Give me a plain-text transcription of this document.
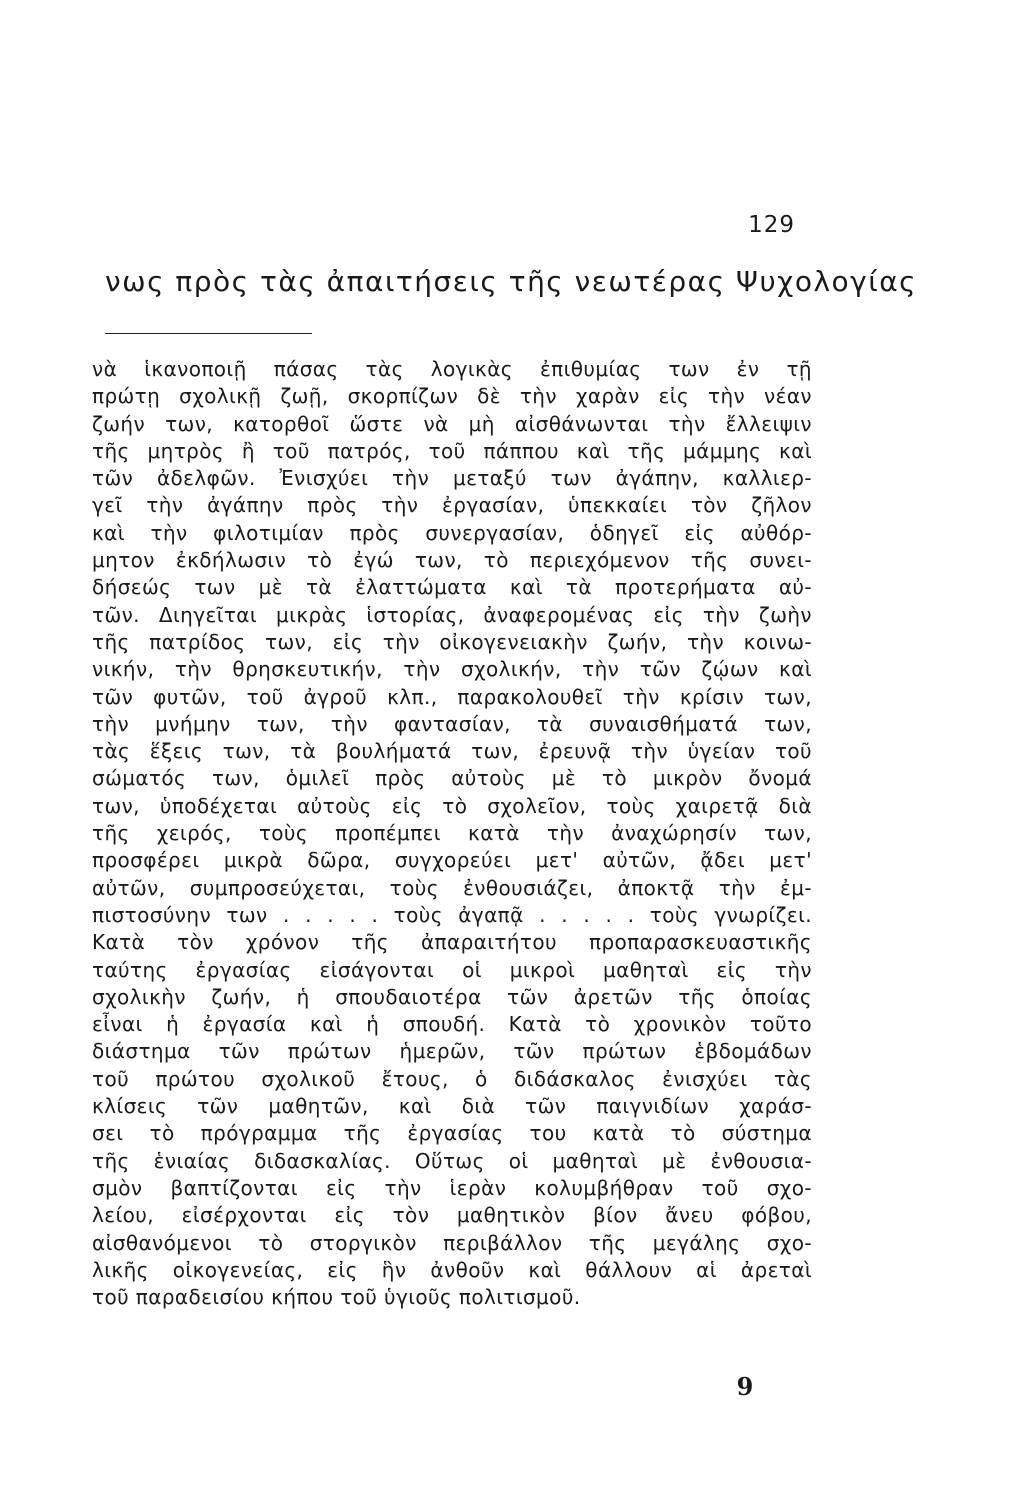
129
νως πρὸς τὰς ἀπαιτήσεις τῆς νεωτέρας Ψυχολογίας
νὰ ἱκανοποιῇ πάσας τὰς λογικὰς ἐπιθυμίας των ἐν τῇ
πρώτῃ σχολικῇ ζωῇ, σκορπίζων δὲ τὴν χαρὰν εἰς τὴν νέαν
ζωήν των, κατορθοῖ ὥστε νὰ μὴ αἰσθάνωνται τὴν ἔλλειψιν
τῆς μητρὸς ἢ τοῦ πατρός, τοῦ πάππου καὶ τῆς μάμμης καὶ
τῶν ἀδελφῶν. Ἐνισχύει τὴν μεταξύ των ἀγάπην, καλλιερ-
γεῖ τὴν ἀγάπην πρὸς τὴν ἐργασίαν, ὑπεκκαίει τὸν ζῆλον
καὶ τὴν φιλοτιμίαν πρὸς συνεργασίαν, ὁδηγεῖ εἰς αὐθόρ-
μητον ἐκδήλωσιν τὸ ἐγώ των, τὸ περιεχόμενον τῆς συνει-
δήσεώς των μὲ τὰ ἐλαττώματα καὶ τὰ προτερήματα αὐ-
τῶν. Διηγεῖται μικρὰς ἱστορίας, ἀναφερομένας εἰς τὴν ζωὴν
τῆς πατρίδος των, εἰς τὴν οἰκογενειακὴν ζωήν, τὴν κοινω-
νικήν, τὴν θρησκευτικήν, τὴν σχολικήν, τὴν τῶν ζῴων καὶ
τῶν φυτῶν, τοῦ ἀγροῦ κλπ., παρακολουθεῖ τὴν κρίσιν των,
τὴν μνήμην των, τὴν φαντασίαν, τὰ συναισθήματά των,
τὰς ἕξεις των, τὰ βουλήματά των, ἐρευνᾷ τὴν ὑγείαν τοῦ
σώματός των, ὁμιλεῖ πρὸς αὐτοὺς μὲ τὸ μικρὸν ὄνομά
των, ὑποδέχεται αὐτοὺς εἰς τὸ σχολεῖον, τοὺς χαιρετᾷ διὰ
τῆς χειρός, τοὺς προπέμπει κατὰ τὴν ἀναχώρησίν των,
προσφέρει μικρὰ δῶρα, συγχορεύει μετ' αὐτῶν, ᾄδει μετ'
αὐτῶν, συμπροσεύχεται, τοὺς ἐνθουσιάζει, ἀποκτᾷ τὴν ἐμ-
πιστοσύνην των . . . . . τοὺς ἀγαπᾷ . . . . . τοὺς γνωρίζει.
Κατὰ τὸν χρόνον τῆς ἀπαραιτήτου προπαρασκευαστικῆς
ταύτης ἐργασίας εἰσάγονται οἱ μικροὶ μαθηταὶ εἰς τὴν
σχολικὴν ζωήν, ἡ σπουδαιοτέρα τῶν ἀρετῶν τῆς ὁποίας
εἶναι ἡ ἐργασία καὶ ἡ σπουδή. Κατὰ τὸ χρονικὸν τοῦτο
διάστημα τῶν πρώτων ἡμερῶν, τῶν πρώτων ἑβδομάδων
τοῦ πρώτου σχολικοῦ ἔτους, ὁ διδάσκαλος ἐνισχύει τὰς
κλίσεις τῶν μαθητῶν, καὶ διὰ τῶν παιγνιδίων χαράσ-
σει τὸ πρόγραμμα τῆς ἐργασίας του κατὰ τὸ σύστημα
τῆς ἑνιαίας διδασκαλίας. Οὕτως οἱ μαθηταὶ μὲ ἐνθουσια-
σμὸν βαπτίζονται εἰς τὴν ἱερὰν κολυμβήθραν τοῦ σχο-
λείου, εἰσέρχονται εἰς τὸν μαθητικὸν βίον ἄνευ φόβου,
αἰσθανόμενοι τὸ στοργικὸν περιβάλλον τῆς μεγάλης σχο-
λικῆς οἰκογενείας, εἰς ἣν ἀνθοῦν καὶ θάλλουν αἱ ἀρεταὶ
τοῦ παραδεισίου κήπου τοῦ ὑγιοῦς πολιτισμοῦ.
9
